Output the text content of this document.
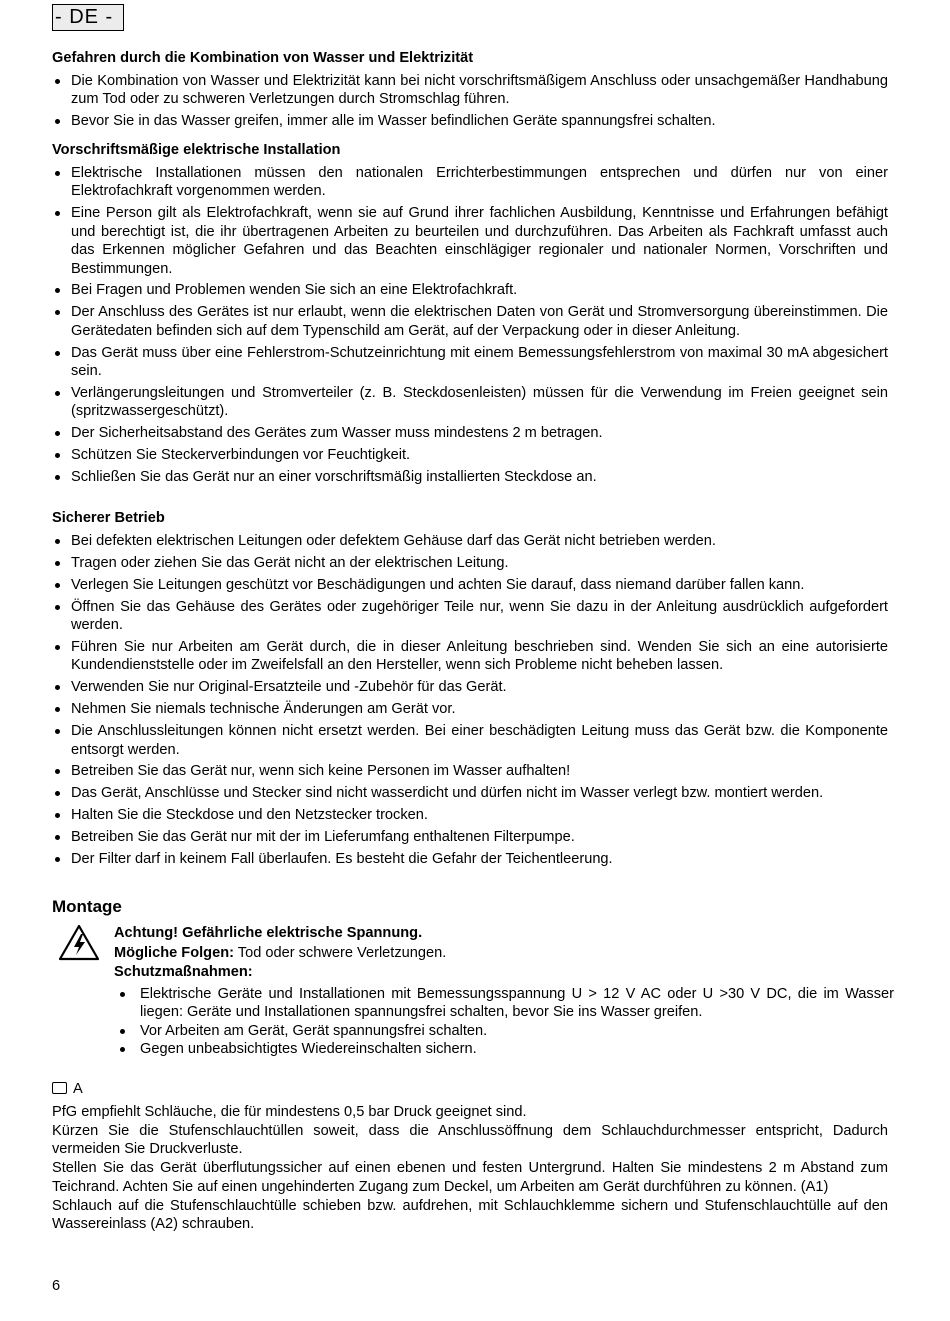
- DE -
Gefahren durch die Kombination von Wasser und Elektrizität
Die Kombination von Wasser und Elektrizität kann bei nicht vorschriftsmäßigem Anschluss oder unsachgemäßer Handhabung zum Tod oder zu schweren Verletzungen durch Stromschlag führen.
Bevor Sie in das Wasser greifen, immer alle im Wasser befindlichen Geräte spannungsfrei schalten.
Vorschriftsmäßige elektrische Installation
Elektrische Installationen müssen den nationalen Errichterbestimmungen entsprechen und dürfen nur von einer Elektrofachkraft vorgenommen werden.
Eine Person gilt als Elektrofachkraft, wenn sie auf Grund ihrer fachlichen Ausbildung, Kenntnisse und Erfahrungen befähigt und berechtigt ist, die ihr übertragenen Arbeiten zu beurteilen und durchzuführen. Das Arbeiten als Fachkraft umfasst auch das Erkennen möglicher Gefahren und das Beachten einschlägiger regionaler und nationaler Normen, Vorschriften und Bestimmungen.
Bei Fragen und Problemen wenden Sie sich an eine Elektrofachkraft.
Der Anschluss des Gerätes ist nur erlaubt, wenn die elektrischen Daten von Gerät und Stromversorgung übereinstimmen. Die Gerätedaten befinden sich auf dem Typenschild am Gerät, auf der Verpackung oder in dieser Anleitung.
Das Gerät muss über eine Fehlerstrom-Schutzeinrichtung mit einem Bemessungsfehlerstrom von maximal 30 mA abgesichert sein.
Verlängerungsleitungen und Stromverteiler (z. B. Steckdosenleisten) müssen für die Verwendung im Freien geeignet sein (spritzwassergeschützt).
Der Sicherheitsabstand des Gerätes zum Wasser muss mindestens 2 m betragen.
Schützen Sie Steckerverbindungen vor Feuchtigkeit.
Schließen Sie das Gerät nur an einer vorschriftsmäßig installierten Steckdose an.
Sicherer Betrieb
Bei defekten elektrischen Leitungen oder defektem Gehäuse darf das Gerät nicht betrieben werden.
Tragen oder ziehen Sie das Gerät nicht an der elektrischen Leitung.
Verlegen Sie Leitungen geschützt vor Beschädigungen und achten Sie darauf, dass niemand darüber fallen kann.
Öffnen Sie das Gehäuse des Gerätes oder zugehöriger Teile nur, wenn Sie dazu in der Anleitung ausdrücklich aufgefordert werden.
Führen Sie nur Arbeiten am Gerät durch, die in dieser Anleitung beschrieben sind. Wenden Sie sich an eine autorisierte Kundendienststelle oder im Zweifelsfall an den Hersteller, wenn sich Probleme nicht beheben lassen.
Verwenden Sie nur Original-Ersatzteile und -Zubehör für das Gerät.
Nehmen Sie niemals technische Änderungen am Gerät vor.
Die Anschlussleitungen können nicht ersetzt werden. Bei einer beschädigten Leitung muss das Gerät bzw. die Komponente entsorgt werden.
Betreiben Sie das Gerät nur, wenn sich keine Personen im Wasser aufhalten!
Das Gerät, Anschlüsse und Stecker sind nicht wasserdicht und dürfen nicht im Wasser verlegt bzw. montiert werden.
Halten Sie die Steckdose und den Netzstecker trocken.
Betreiben Sie das Gerät nur mit der im Lieferumfang enthaltenen Filterpumpe.
Der Filter darf in keinem Fall überlaufen. Es besteht die Gefahr der Teichentleerung.
Montage
Achtung! Gefährliche elektrische Spannung.
Mögliche Folgen: Tod oder schwere Verletzungen.
Schutzmaßnahmen:
Elektrische Geräte und Installationen mit Bemessungsspannung U > 12 V AC oder U >30 V DC, die im Wasser liegen: Geräte und Installationen spannungsfrei schalten, bevor Sie ins Wasser greifen.
Vor Arbeiten am Gerät, Gerät spannungsfrei schalten.
Gegen unbeabsichtigtes Wiedereinschalten sichern.
A

PfG empfiehlt Schläuche, die für mindestens 0,5 bar Druck geeignet sind.

Kürzen Sie die Stufenschlauchtüllen soweit, dass die Anschlussöffnung dem Schlauchdurchmesser entspricht, Dadurch vermeiden Sie Druckverluste.

Stellen Sie das Gerät überflutungssicher auf einen ebenen und festen Untergrund. Halten Sie mindestens 2 m Abstand zum Teichrand. Achten Sie auf einen ungehinderten Zugang zum Deckel, um Arbeiten am Gerät durchführen zu können. (A1)

Schlauch auf die Stufenschlauchtülle schieben bzw. aufdrehen, mit Schlauchklemme sichern und Stufenschlauchtülle auf den Wassereinlass (A2) schrauben.

6
